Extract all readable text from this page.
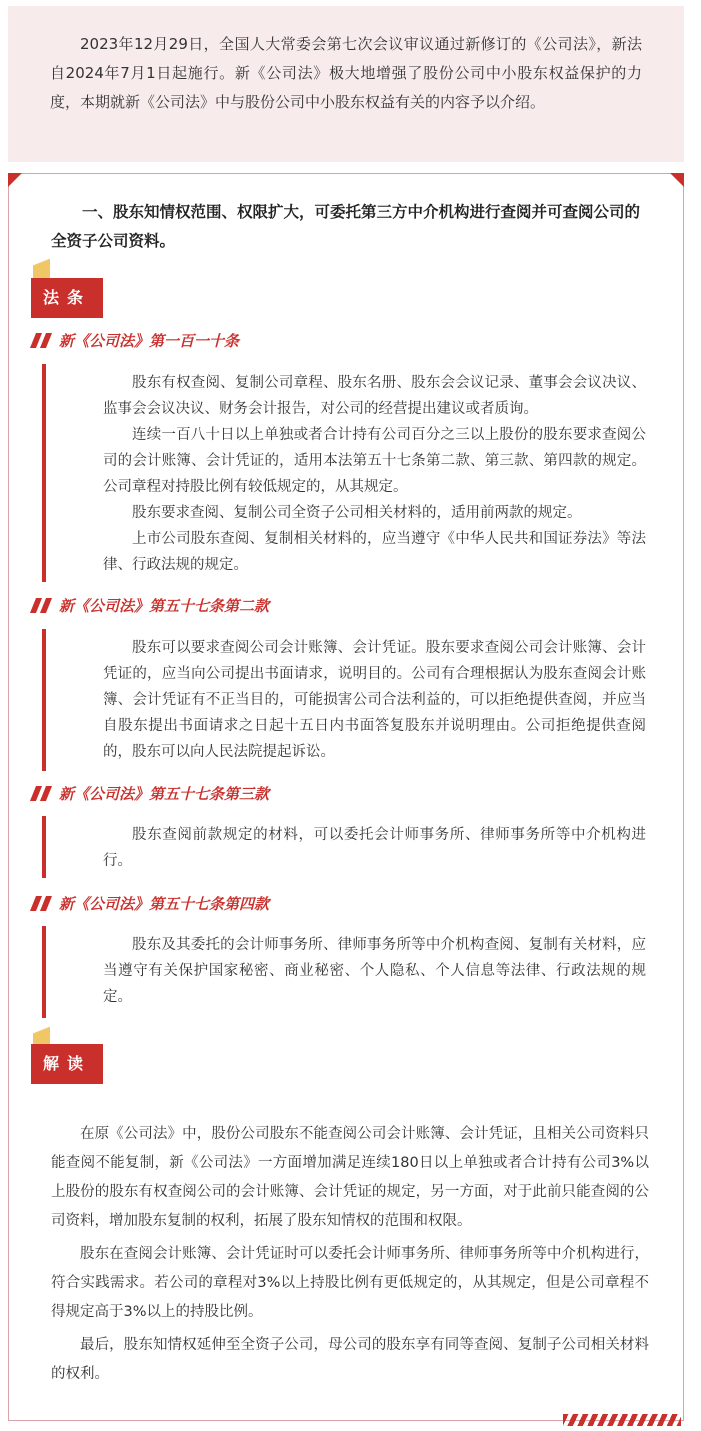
2023年12月29日，全国人大常委会第七次会议审议通过新修订的《公司法》，新法自2024年7月1日起施行。新《公司法》极大地增强了股份公司中小股东权益保护的力度，本期就新《公司法》中与股份公司中小股东权益有关的内容予以介绍。
一、股东知情权范围、权限扩大，可委托第三方中介机构进行查阅并可查阅公司的全资子公司资料。
法条
新《公司法》第一百一十条

股东有权查阅、复制公司章程、股东名册、股东会会议记录、董事会会议决议、监事会会议决议、财务会计报告，对公司的经营提出建议或者质询。

连续一百八十日以上单独或者合计持有公司百分之三以上股份的股东要求查阅公司的会计账簿、会计凭证的，适用本法第五十七条第二款、第三款、第四款的规定。公司章程对持股比例有较低规定的，从其规定。

股东要求查阅、复制公司全资子公司相关材料的，适用前两款的规定。

上市公司股东查阅、复制相关材料的，应当遵守《中华人民共和国证券法》等法律、行政法规的规定。

新《公司法》第五十七条第二款

股东可以要求查阅公司会计账簿、会计凭证。股东要求查阅公司会计账簿、会计凭证的，应当向公司提出书面请求，说明目的。公司有合理根据认为股东查阅会计账簿、会计凭证有不正当目的，可能损害公司合法利益的，可以拒绝提供查阅，并应当自股东提出书面请求之日起十五日内书面答复股东并说明理由。公司拒绝提供查阅的，股东可以向人民法院提起诉讼。

新《公司法》第五十七条第三款

股东查阅前款规定的材料，可以委托会计师事务所、律师事务所等中介机构进行。

新《公司法》第五十七条第四款

股东及其委托的会计师事务所、律师事务所等中介机构查阅、复制有关材料，应当遵守有关保护国家秘密、商业秘密、个人隐私、个人信息等法律、行政法规的规定。

解读

在原《公司法》中，股份公司股东不能查阅公司会计账簿、会计凭证，且相关公司资料只能查阅不能复制，新《公司法》一方面增加满足连续180日以上单独或者合计持有公司3%以上股份的股东有权查阅公司的会计账簿、会计凭证的规定，另一方面，对于此前只能查阅的公司资料，增加股东复制的权利，拓展了股东知情权的范围和权限。

股东在查阅会计账簿、会计凭证时可以委托会计师事务所、律师事务所等中介机构进行，符合实践需求。若公司的章程对3%以上持股比例有更低规定的，从其规定，但是公司章程不得规定高于3%以上的持股比例。

最后，股东知情权延伸至全资子公司，母公司的股东享有同等查阅、复制子公司相关材料的权利。
